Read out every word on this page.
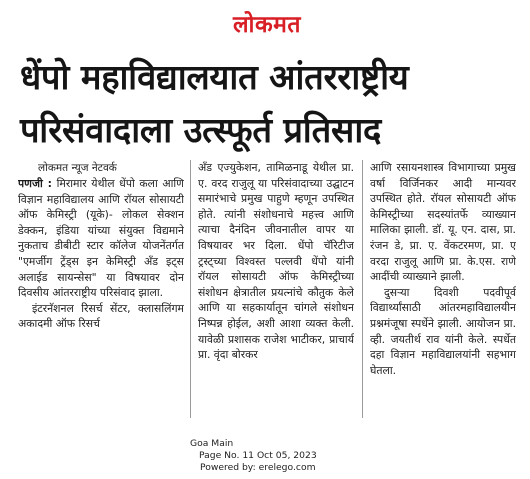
लोकमत
धेंपो महाविद्यालयात आंतरराष्ट्रीय
परिसंवादाला उत्स्फूर्त प्रतिसाद
लोकमत न्यूज नेटवर्क

पणजी : मिरामार येथील धेंपो कला आणि विज्ञान महाविद्यालय आणि रॉयल सोसायटी ऑफ केमिस्ट्री (यूके)- लोकल सेक्शन डेक्कन, इंडिया यांच्या संयुक्त विद्यमाने नुकताच डीबीटी स्टार कॉलेज योजनेंतर्गत "एमर्जीग ट्रेंड्स इन केमिस्ट्री अँड इट्स अलाईड सायन्सेस" या विषयावर दोन दिवसीय आंतरराष्ट्रीय परिसंवाद झाला.

इंटरनॅशनल रिसर्च सेंटर, क्लासलिंगम अकादमी ऑफ रिसर्च

अँड एज्युकेशन, तामिळनाडू येथील प्रा. ए. वरद राजुलू या परिसंवादाच्या उद्घाटन समारंभाचे प्रमुख पाहुणे म्हणून उपस्थित होते. त्यांनी संशोधनाचे महत्त्व आणि त्याचा दैनंदिन जीवनातील वापर या विषयावर भर दिला. धेंपो चॅरिटीज ट्रस्ट्च्या विश्वस्त पल्लवी धेंपो यांनी रॉयल सोसायटी ऑफ केमिस्ट्रीच्या संशोधन क्षेत्रातील प्रयत्नांचे कौतुक केले आणि या सहकार्यातून चांगले संशोधन निष्पन्न होईल, अशी आशा व्यक्त केली. यावेळी प्रशासक राजेश भाटीकर, प्राचार्य प्रा. वृंदा बोरकर

आणि रसायनशास्त्र विभागाच्या प्रमुख वर्षा विर्जिनकर आदी मान्यवर उपस्थित होते. रॉयल सोसायटी ऑफ केमिस्ट्रीच्या सदस्यांतर्फे व्याख्यान मालिका झाली. डॉ. यू. एन. दास, प्रा. रंजन डे, प्रा. ए. वेंकटरमण, प्रा. ए वरदा राजुलू आणि प्रा. के.एस. राणे आदींची व्याख्याने झाली.

दुसऱ्या दिवशी पदवीपूर्व विद्यार्थ्यांसाठी आंतरमहाविद्यालयीन प्रश्नमंजूषा स्पर्धेने झाली. आयोजन प्रा. व्ही. जयतीर्थ राव यांनी केले. स्पर्धेत दहा विज्ञान महाविद्यालयांनी सहभाग घेतला.

Goa Main
Page No. 11 Oct 05, 2023
Powered by: erelego.com
